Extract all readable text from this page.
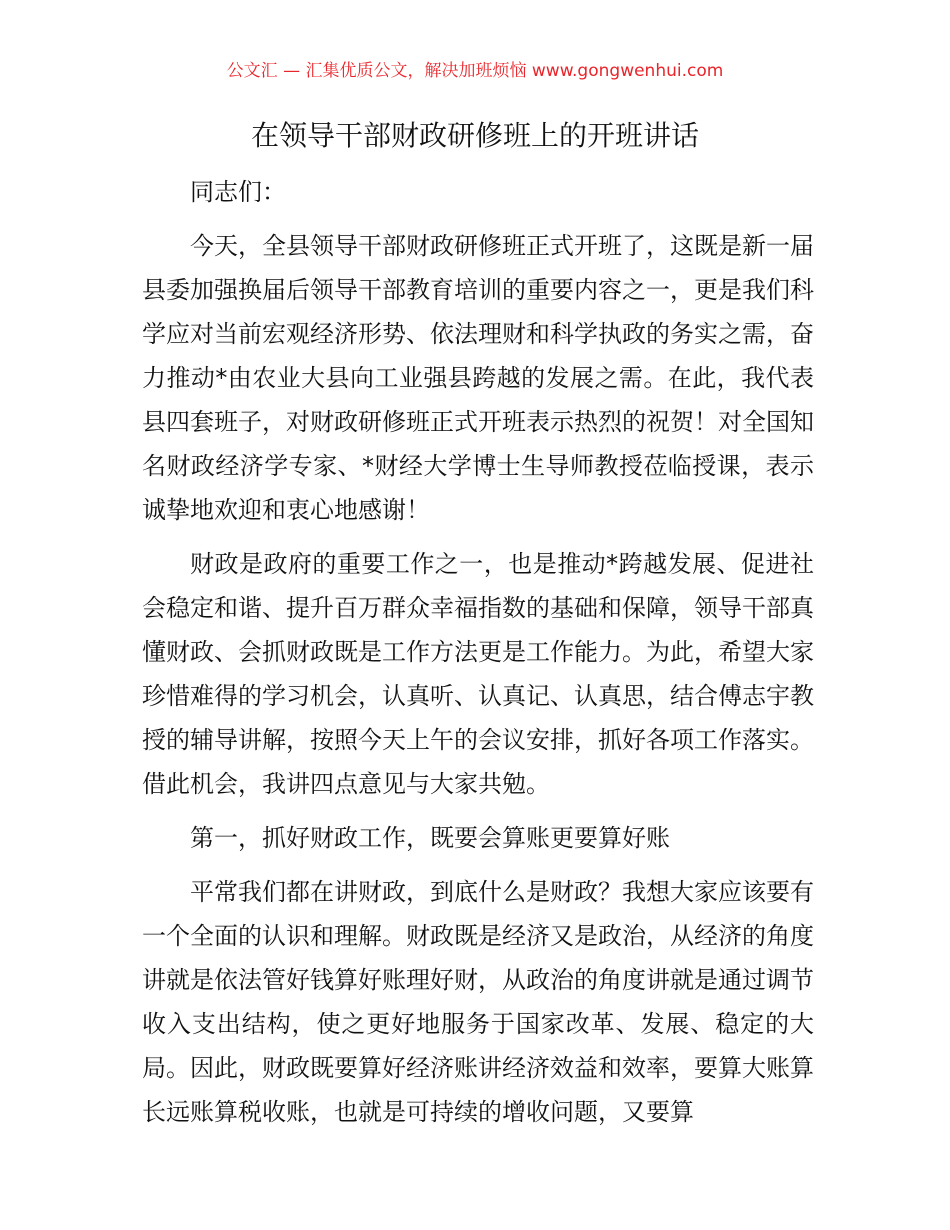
公文汇 — 汇集优质公文，解决加班烦恼 www.gongwenhui.com
在领导干部财政研修班上的开班讲话

同志们：

今天，全县领导干部财政研修班正式开班了，这既是新一届县委加强换届后领导干部教育培训的重要内容之一，更是我们科学应对当前宏观经济形势、依法理财和科学执政的务实之需，奋力推动*由农业大县向工业强县跨越的发展之需。在此，我代表县四套班子，对财政研修班正式开班表示热烈的祝贺！对全国知名财政经济学专家、*财经大学博士生导师教授莅临授课，表示诚挚地欢迎和衷心地感谢！

财政是政府的重要工作之一，也是推动*跨越发展、促进社会稳定和谐、提升百万群众幸福指数的基础和保障，领导干部真懂财政、会抓财政既是工作方法更是工作能力。为此，希望大家珍惜难得的学习机会，认真听、认真记、认真思，结合傅志宇教授的辅导讲解，按照今天上午的会议安排，抓好各项工作落实。借此机会，我讲四点意见与大家共勉。

第一，抓好财政工作，既要会算账更要算好账

平常我们都在讲财政，到底什么是财政？我想大家应该要有一个全面的认识和理解。财政既是经济又是政治，从经济的角度讲就是依法管好钱算好账理好财，从政治的角度讲就是通过调节收入支出结构，使之更好地服务于国家改革、发展、稳定的大局。因此，财政既要算好经济账讲经济效益和效率，要算大账算长远账算税收账，也就是可持续的增收问题，又要算
